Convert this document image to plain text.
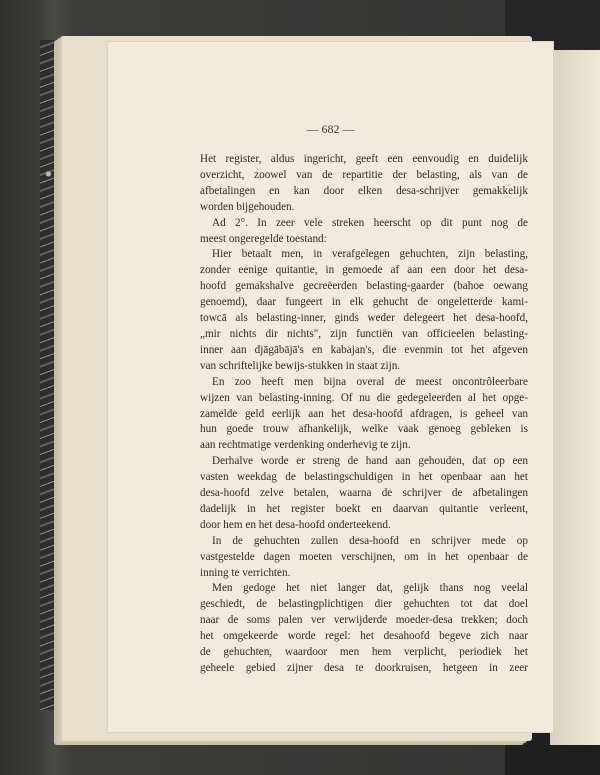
— 682 —
Het register, aldus ingericht, geeft een eenvoudig en duidelijk
overzicht, zoowel van de repartitie der belasting, als van de
afbetalingen en kan door elken desa-schrijver gemakkelijk
worden bijgehouden.
Ad 2°. In zeer vele streken heerscht op dit punt nog de
meest ongeregelde toestand:
Hier betaalt men, in verafgelegen gehuchten, zijn belasting,
zonder eenige quitantie, in gemoede af aan een door het desa-
hoofd gemakshalve gecreëerden belasting-gaarder (bahoe oewang
genoemd), daar fungeert in elk gehucht de ongeletterde kami-
towcā als belasting-inner, ginds weder delegeert het desa-hoofd,
„mir nichts dir nichts", zijn functiën van officieelen belasting-
inner aan djāgābājā's en kabajan's, die evenmin tot het afgeven
van schriftelijke bewijs-stukken in staat zijn.
En zoo heeft men bijna overal de meest oncontrôleerbare
wijzen van belasting-inning. Of nu die gedegeleerden al het opge-
zamelde geld eerlijk aan het desa-hoofd afdragen, is geheel van
hun goede trouw afhankelijk, welke vaak genoeg gebleken is
aan rechtmatige verdenking onderhevig te zijn.
Derhalve worde er streng de hand aan gehouden, dat op een
vasten weekdag de belastingschuldigen in het openbaar aan het
desa-hoofd zelve betalen, waarna de schrijver de afbetalingen
dadelijk in het register boekt en daarvan quitantie verleent,
door hem en het desa-hoofd onderteekend.
In de gehuchten zullen desa-hoofd en schrijver mede op
vastgestelde dagen moeten verschijnen, om in het openbaar de
inning te verrichten.
Men gedoge het niet langer dat, gelijk thans nog veelal
geschiedt, de belastingplichtigen dier gehuchten tot dat doel
naar de soms palen ver verwijderde moeder-desa trekken; doch
het omgekeerde worde regel: het desahoofd begeve zich naar
de gehuchten, waardoor men hem verplicht, periodiek het
geheele gebied zijner desa te doorkruisen, hetgeen in zeer
